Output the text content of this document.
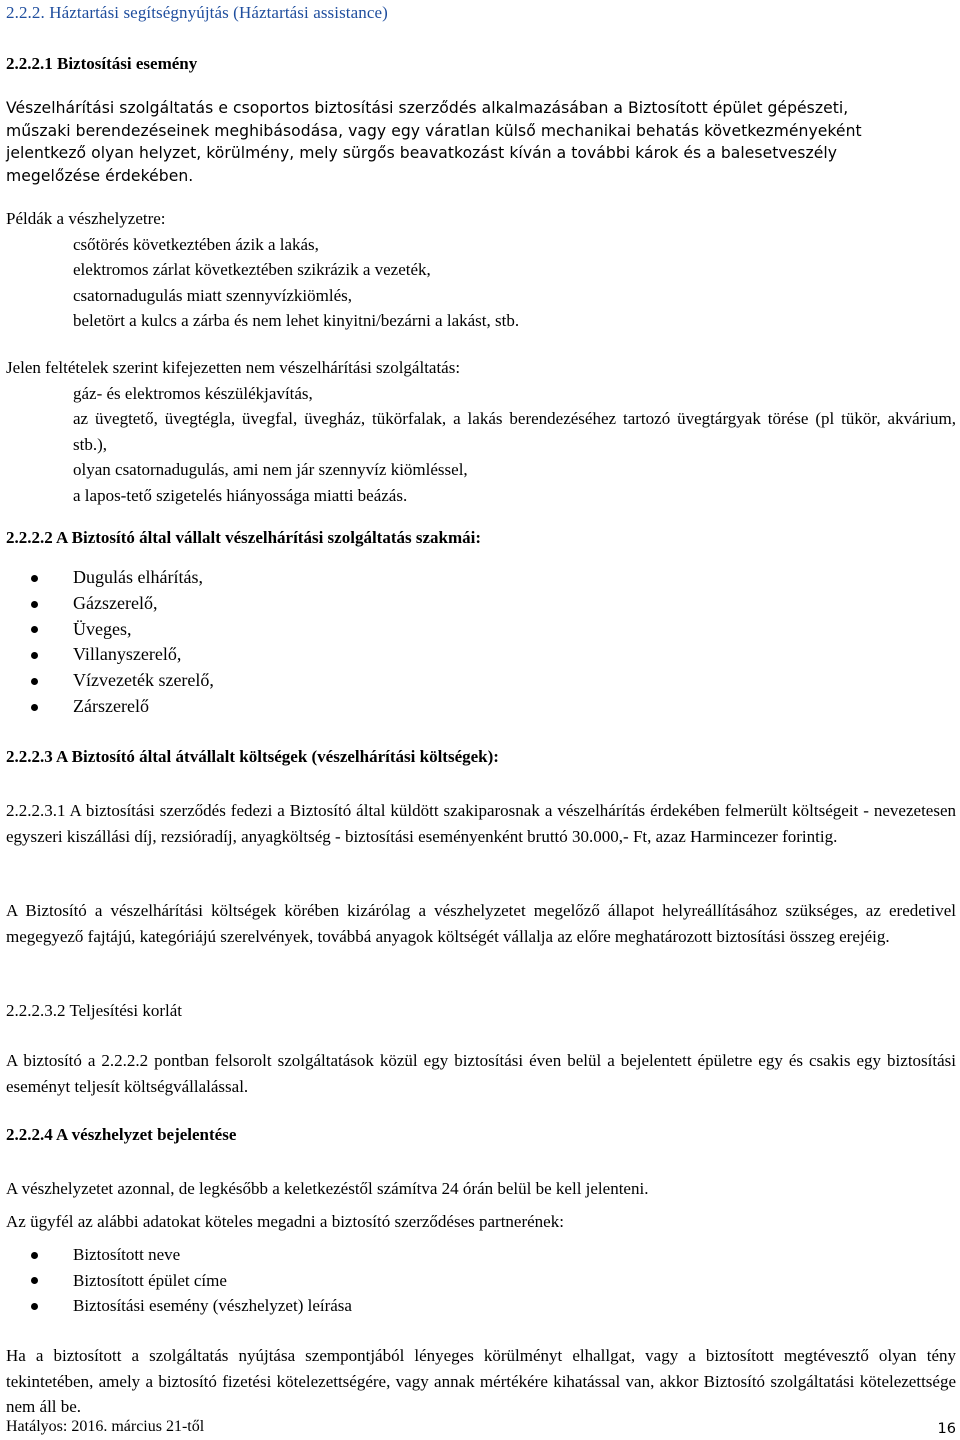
2.2.2. Háztartási segítségnyújtás (Háztartási assistance)
2.2.2.1 Biztosítási esemény
Vészelhárítási szolgáltatás e csoportos biztosítási szerződés alkalmazásában a Biztosított épület gépészeti,
műszaki berendezéseinek meghibásodása, vagy egy váratlan külső mechanikai behatás következményeként
jelentkező olyan helyzet, körülmény, mely sürgős beavatkozást kíván a további károk és a balesetveszély
megelőzése érdekében.
Példák a vészhelyzetre:
csőtörés következtében ázik a lakás,
elektromos zárlat következtében szikrázik a vezeték,
csatornadugulás miatt szennyvízkiömlés,
beletört a kulcs a zárba és nem lehet kinyitni/bezárni a lakást, stb.
Jelen feltételek szerint kifejezetten nem vészelhárítási szolgáltatás:
gáz- és elektromos készülékjavítás,
az üvegtető, üvegtégla, üvegfal, üvegház, tükörfalak, a lakás berendezéséhez tartozó üvegtárgyak törése (pl tükör, akvárium, stb.),
olyan csatornadugulás, ami nem jár szennyvíz kiömléssel,
a lapos-tető szigetelés hiányossága miatti beázás.
2.2.2.2 A Biztosító által vállalt vészelhárítási szolgáltatás szakmái:
Dugulás elhárítás,
Gázszerelő,
Üveges,
Villanyszerelő,
Vízvezeték szerelő,
Zárszerelő
2.2.2.3 A Biztosító által átvállalt költségek (vészelhárítási költségek):

2.2.2.3.1 A biztosítási szerződés fedezi a Biztosító által küldött szakiparosnak a vészelhárítás érdekében felmerült költségeit - nevezetesen egyszeri kiszállási díj, rezsióradíj, anyagköltség - biztosítási eseményenként bruttó 30.000,- Ft, azaz Harmincezer forintig.

A Biztosító a vészelhárítási költségek körében kizárólag a vészhelyzetet megelőző állapot helyreállításához szükséges, az eredetivel megegyező fajtájú, kategóriájú szerelvények, továbbá anyagok költségét vállalja az előre meghatározott biztosítási összeg erejéig.

2.2.2.3.2 Teljesítési korlát

A biztosító a 2.2.2.2 pontban felsorolt szolgáltatások közül egy biztosítási éven belül a bejelentett épületre egy és csakis egy biztosítási eseményt teljesít költségvállalással.

2.2.2.4 A vészhelyzet bejelentése

A vészhelyzetet azonnal, de legkésőbb a keletkezéstől számítva 24 órán belül be kell jelenteni.

Az ügyfél az alábbi adatokat köteles megadni a biztosító szerződéses partnerének:

Biztosított neve
Biztosított épület címe
Biztosítási esemény (vészhelyzet) leírása

Ha a biztosított a szolgáltatás nyújtása szempontjából lényeges körülményt elhallgat, vagy a biztosított megtévesztő olyan tény tekintetében, amely a biztosító fizetési kötelezettségére, vagy annak mértékére kihatással van, akkor Biztosító szolgáltatási kötelezettsége nem áll be.

Hatályos: 2016. március 21-től	16
